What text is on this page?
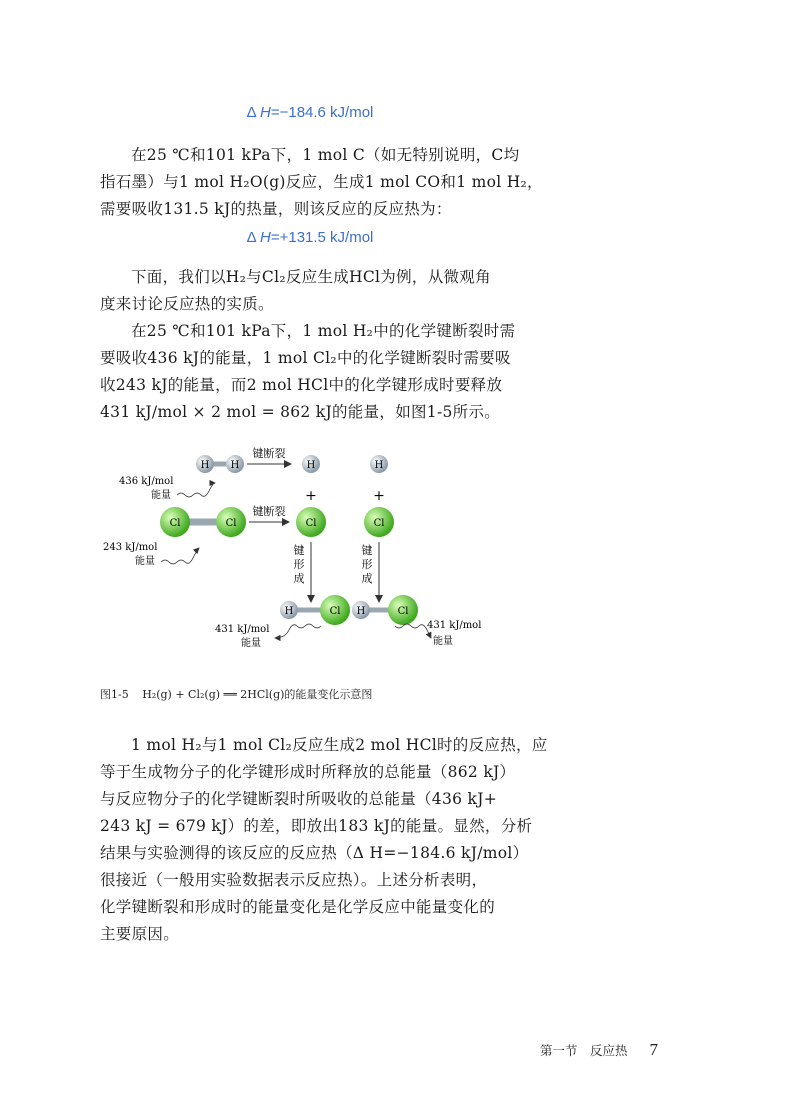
Δ H=−184.6 kJ/mol

在25 ℃和101 kPa下，1 mol C（如无特别说明，C均
指石墨）与1 mol H₂O(g)反应，生成1 mol CO和1 mol H₂，
需要吸收131.5 kJ的热量，则该反应的反应热为：

Δ H=+131.5 kJ/mol

下面，我们以H₂与Cl₂反应生成HCl为例，从微观角
度来讨论反应热的实质。

在25 ℃和101 kPa下，1 mol H₂中的化学键断裂时需
要吸收436 kJ的能量，1 mol Cl₂中的化学键断裂时需要吸
收243 kJ的能量，而2 mol HCl中的化学键形成时要释放
431 kJ/mol × 2 mol = 862 kJ的能量，如图1-5所示。

H H
键断裂
H	H
+	+
436 kJ/mol
能量
Cl	Cl
键断裂
Cl	Cl
243 kJ/mol
能量
键形成
键形成
H	Cl H	Cl
431 kJ/mol
能量
431 kJ/mol
能量
图1-5 H₂(g) + Cl₂(g) ══ 2HCl(g)的能量变化示意图

1 mol H₂与1 mol Cl₂反应生成2 mol HCl时的反应热，应
等于生成物分子的化学键形成时所释放的总能量（862 kJ）
与反应物分子的化学键断裂时所吸收的总能量（436 kJ+
243 kJ = 679 kJ）的差，即放出183 kJ的能量。显然，分析
结果与实验测得的该反应的反应热（Δ H=−184.6 kJ/mol）
很接近（一般用实验数据表示反应热）。上述分析表明，
化学键断裂和形成时的能量变化是化学反应中能量变化的
主要原因。

第一节　反应热 7
